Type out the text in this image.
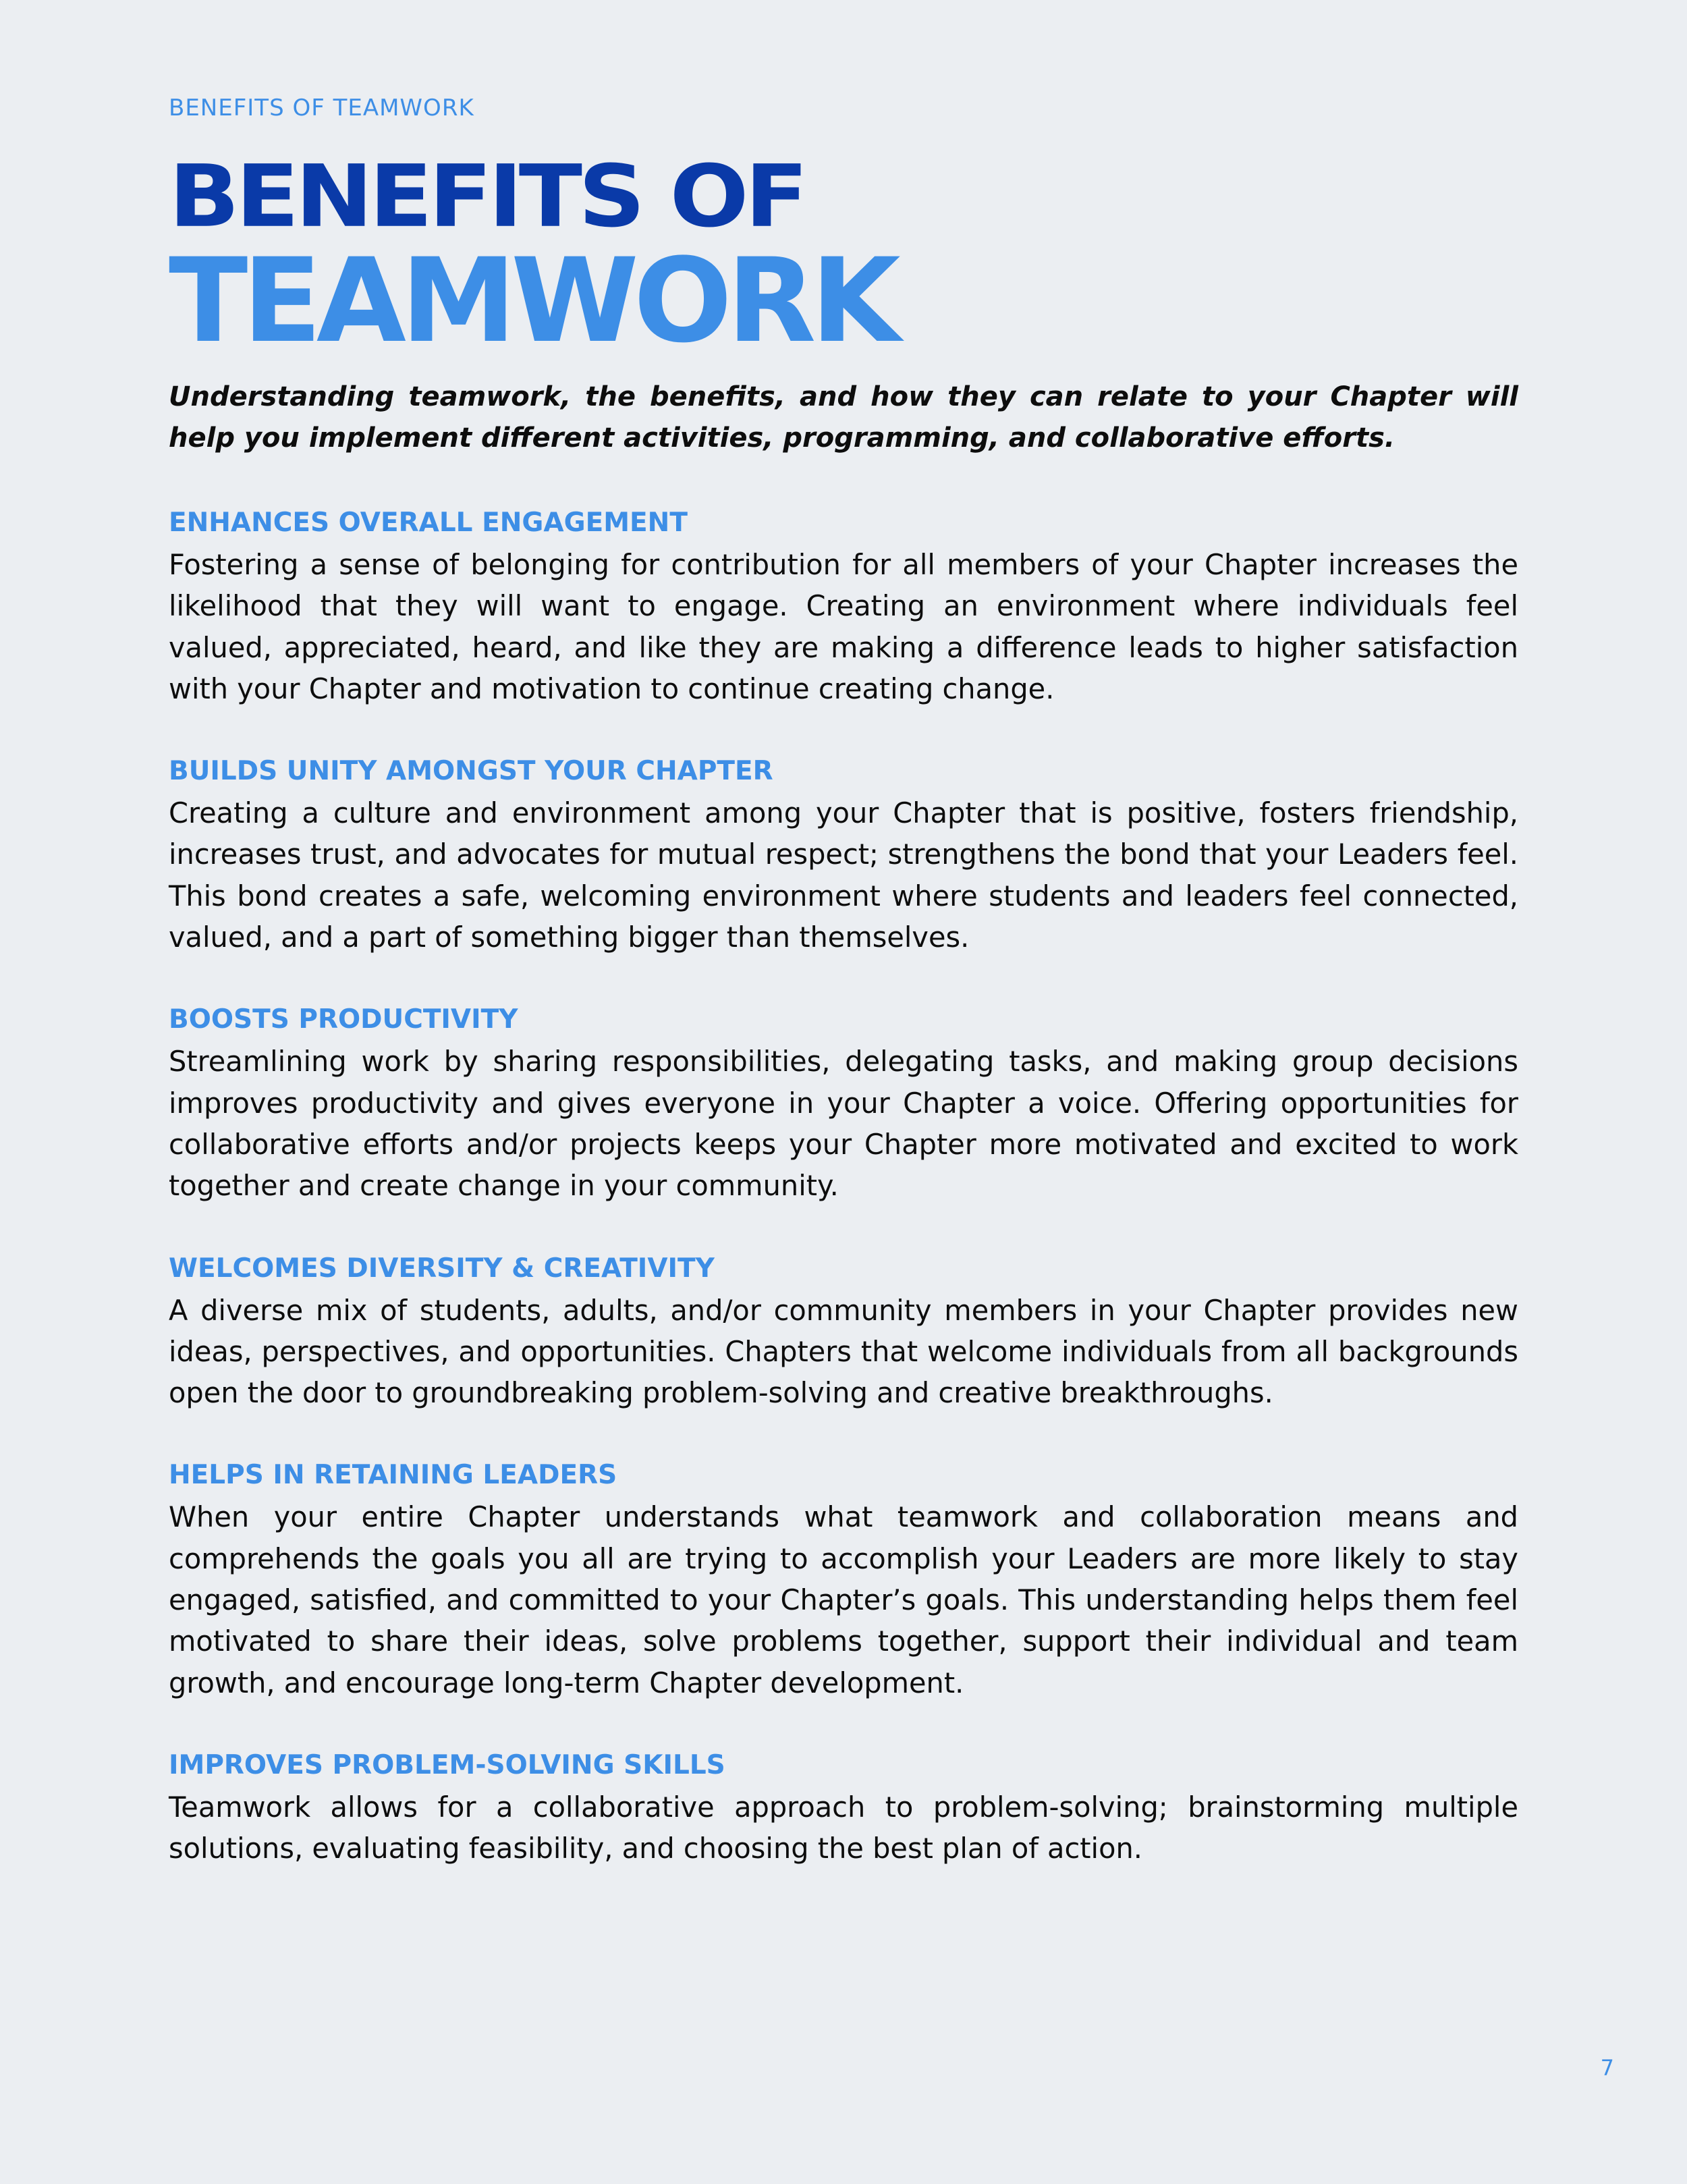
BENEFITS OF TEAMWORK
BENEFITS OF
TEAMWORK

Understanding teamwork, the benefits, and how they can relate to your Chapter will help you implement different activities, programming, and collaborative efforts.

ENHANCES OVERALL ENGAGEMENT

Fostering a sense of belonging for contribution for all members of your Chapter increases the likelihood that they will want to engage. Creating an environment where individuals feel valued, appreciated, heard, and like they are making a difference leads to higher satisfaction with your Chapter and motivation to continue creating change.

BUILDS UNITY AMONGST YOUR CHAPTER

Creating a culture and environment among your Chapter that is positive, fosters friendship, increases trust, and advocates for mutual respect; strengthens the bond that your Leaders feel. This bond creates a safe, welcoming environment where students and leaders feel connected, valued, and a part of something bigger than themselves.

BOOSTS PRODUCTIVITY

Streamlining work by sharing responsibilities, delegating tasks, and making group decisions improves productivity and gives everyone in your Chapter a voice. Offering opportunities for collaborative efforts and/or projects keeps your Chapter more motivated and excited to work together and create change in your community.

WELCOMES DIVERSITY & CREATIVITY

A diverse mix of students, adults, and/or community members in your Chapter provides new ideas, perspectives, and opportunities. Chapters that welcome individuals from all backgrounds open the door to groundbreaking problem-solving and creative breakthroughs.

HELPS IN RETAINING LEADERS

When your entire Chapter understands what teamwork and collaboration means and comprehends the goals you all are trying to accomplish your Leaders are more likely to stay engaged, satisfied, and committed to your Chapter’s goals. This understanding helps them feel motivated to share their ideas, solve problems together, support their individual and team growth, and encourage long-term Chapter development.

IMPROVES PROBLEM-SOLVING SKILLS

Teamwork allows for a collaborative approach to problem-solving; brainstorming multiple solutions, evaluating feasibility, and choosing the best plan of action.

7
